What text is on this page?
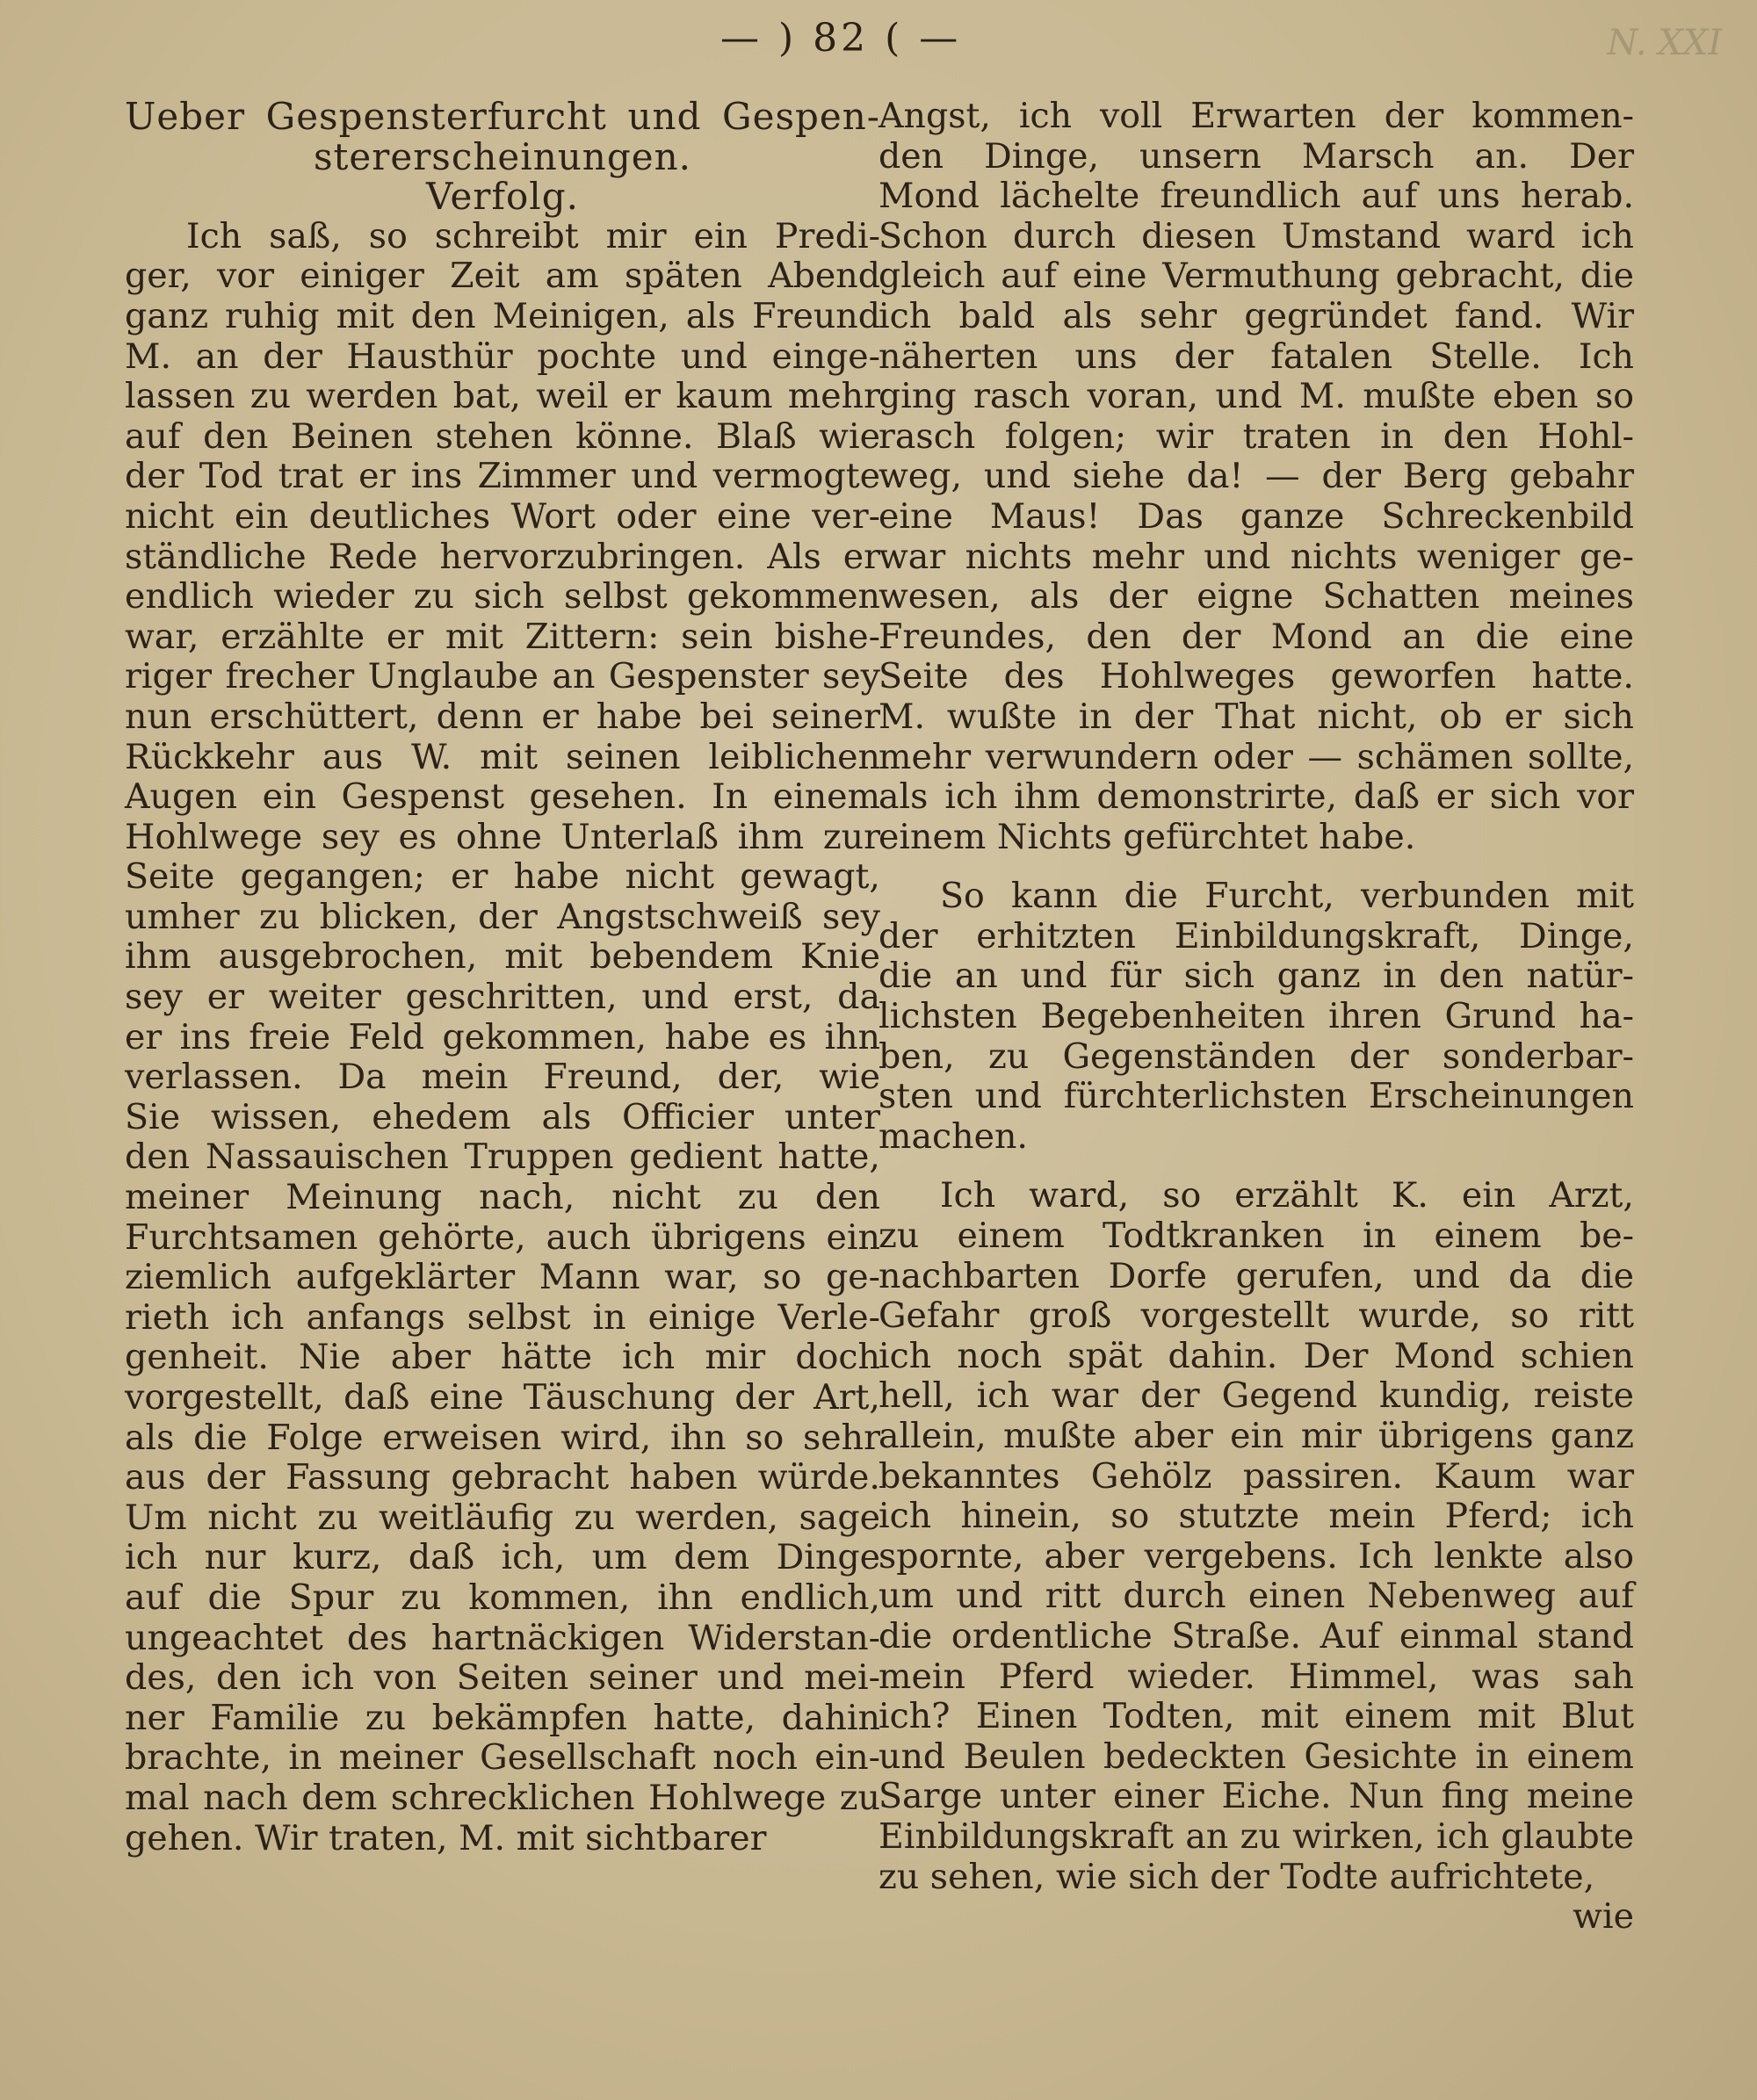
— ) 82 ( —	N. XXI
Ueber Gespensterfurcht und Gespen-
stererscheinungen.
Verfolg.
Ich saß, so schreibt mir ein Predi-
ger, vor einiger Zeit am späten Abend
ganz ruhig mit den Meinigen, als Freund
M. an der Hausthür pochte und einge-
lassen zu werden bat, weil er kaum mehr
auf den Beinen stehen könne. Blaß wie
der Tod trat er ins Zimmer und vermogte
nicht ein deutliches Wort oder eine ver-
ständliche Rede hervorzubringen. Als er
endlich wieder zu sich selbst gekommen
war, erzählte er mit Zittern: sein bishe-
riger frecher Unglaube an Gespenster sey
nun erschüttert, denn er habe bei seiner
Rückkehr aus W. mit seinen leiblichen
Augen ein Gespenst gesehen. In einem
Hohlwege sey es ohne Unterlaß ihm zur
Seite gegangen; er habe nicht gewagt,
umher zu blicken, der Angstschweiß sey
ihm ausgebrochen, mit bebendem Knie
sey er weiter geschritten, und erst, da
er ins freie Feld gekommen, habe es ihn
verlassen. Da mein Freund, der, wie
Sie wissen, ehedem als Officier unter
den Nassauischen Truppen gedient hatte,
meiner Meinung nach, nicht zu den
Furchtsamen gehörte, auch übrigens ein
ziemlich aufgeklärter Mann war, so ge-
rieth ich anfangs selbst in einige Verle-
genheit. Nie aber hätte ich mir doch
vorgestellt, daß eine Täuschung der Art,
als die Folge erweisen wird, ihn so sehr
aus der Fassung gebracht haben würde.
Um nicht zu weitläufig zu werden, sage
ich nur kurz, daß ich, um dem Dinge
auf die Spur zu kommen, ihn endlich,
ungeachtet des hartnäckigen Widerstan-
des, den ich von Seiten seiner und mei-
ner Familie zu bekämpfen hatte, dahin
brachte, in meiner Gesellschaft noch ein-
mal nach dem schrecklichen Hohlwege zu
gehen. Wir traten, M. mit sichtbarer
Angst, ich voll Erwarten der kommen-
den Dinge, unsern Marsch an. Der
Mond lächelte freundlich auf uns herab.
Schon durch diesen Umstand ward ich
gleich auf eine Vermuthung gebracht, die
ich bald als sehr gegründet fand. Wir
näherten uns der fatalen Stelle. Ich
ging rasch voran, und M. mußte eben so
rasch folgen; wir traten in den Hohl-
weg, und siehe da! — der Berg gebahr
eine Maus! Das ganze Schreckenbild
war nichts mehr und nichts weniger ge-
wesen, als der eigne Schatten meines
Freundes, den der Mond an die eine
Seite des Hohlweges geworfen hatte.
M. wußte in der That nicht, ob er sich
mehr verwundern oder — schämen sollte,
als ich ihm demonstrirte, daß er sich vor
einem Nichts gefürchtet habe.
So kann die Furcht, verbunden mit
der erhitzten Einbildungskraft, Dinge,
die an und für sich ganz in den natür-
lichsten Begebenheiten ihren Grund ha-
ben, zu Gegenständen der sonderbar-
sten und fürchterlichsten Erscheinungen
machen.
Ich ward, so erzählt K. ein Arzt,
zu einem Todtkranken in einem be-
nachbarten Dorfe gerufen, und da die
Gefahr groß vorgestellt wurde, so ritt
ich noch spät dahin. Der Mond schien
hell, ich war der Gegend kundig, reiste
allein, mußte aber ein mir übrigens ganz
bekanntes Gehölz passiren. Kaum war
ich hinein, so stutzte mein Pferd; ich
spornte, aber vergebens. Ich lenkte also
um und ritt durch einen Nebenweg auf
die ordentliche Straße. Auf einmal stand
mein Pferd wieder. Himmel, was sah
ich? Einen Todten, mit einem mit Blut
und Beulen bedeckten Gesichte in einem
Sarge unter einer Eiche. Nun fing meine
Einbildungskraft an zu wirken, ich glaubte
zu sehen, wie sich der Todte aufrichtete,
wie
